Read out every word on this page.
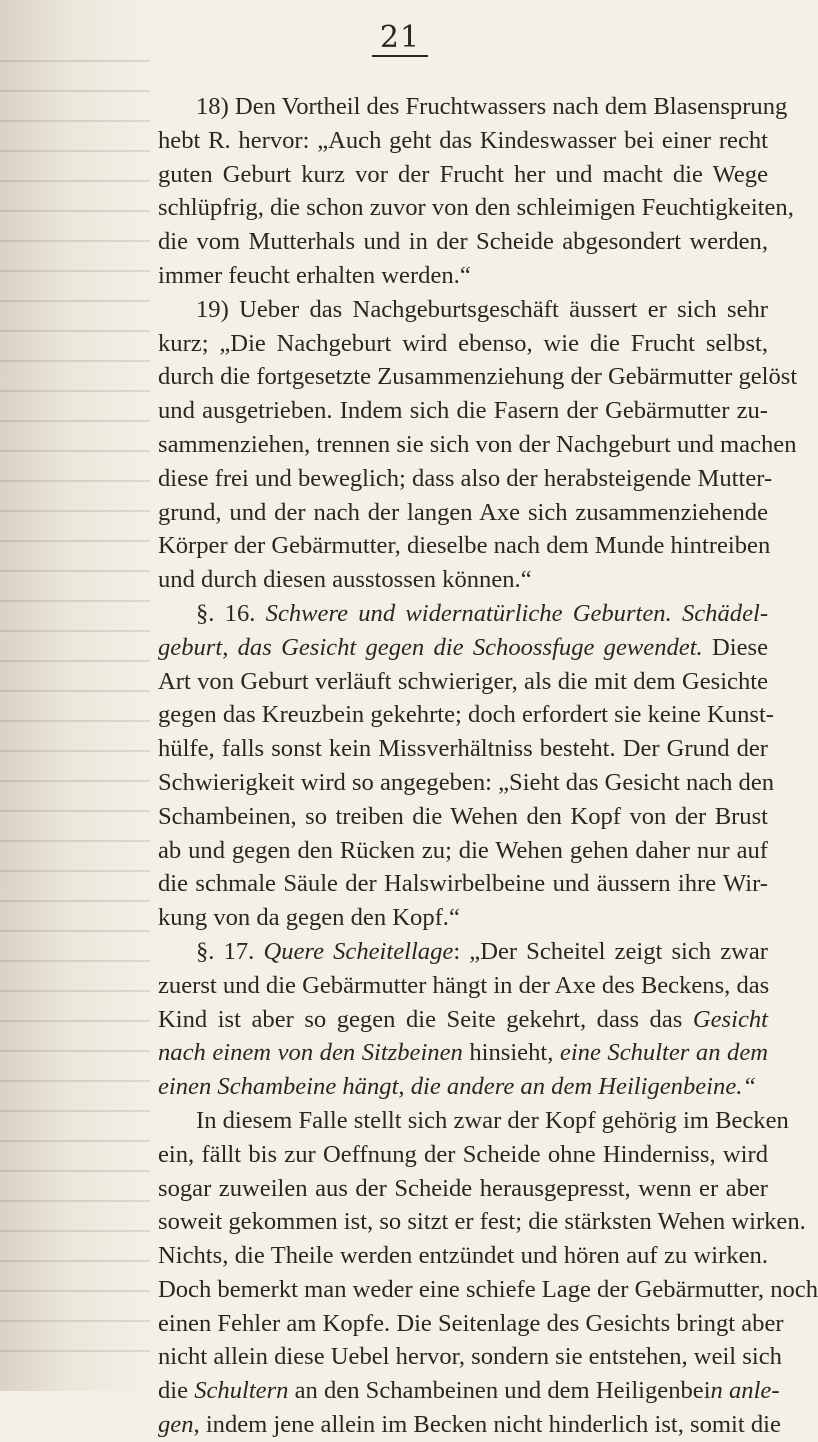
21
18) Den Vortheil des Fruchtwassers nach dem Blasensprung
hebt R. hervor: „Auch geht das Kindeswasser bei einer recht
guten Geburt kurz vor der Frucht her und macht die Wege
schlüpfrig, die schon zuvor von den schleimigen Feuchtigkeiten,
die vom Mutterhals und in der Scheide abgesondert werden,
immer feucht erhalten werden.“
19) Ueber das Nachgeburtsgeschäft äussert er sich sehr
kurz; „Die Nachgeburt wird ebenso, wie die Frucht selbst,
durch die fortgesetzte Zusammenziehung der Gebärmutter gelöst
und ausgetrieben. Indem sich die Fasern der Gebärmutter zu-
sammenziehen, trennen sie sich von der Nachgeburt und machen
diese frei und beweglich; dass also der herabsteigende Mutter-
grund, und der nach der langen Axe sich zusammenziehende
Körper der Gebärmutter, dieselbe nach dem Munde hintreiben
und durch diesen ausstossen können.“
§. 16. Schwere und widernatürliche Geburten. Schädel-
geburt, das Gesicht gegen die Schoossfuge gewendet. Diese
Art von Geburt verläuft schwieriger, als die mit dem Gesichte
gegen das Kreuzbein gekehrte; doch erfordert sie keine Kunst-
hülfe, falls sonst kein Missverhältniss besteht. Der Grund der
Schwierigkeit wird so angegeben: „Sieht das Gesicht nach den
Schambeinen, so treiben die Wehen den Kopf von der Brust
ab und gegen den Rücken zu; die Wehen gehen daher nur auf
die schmale Säule der Halswirbelbeine und äussern ihre Wir-
kung von da gegen den Kopf.“
§. 17. Quere Scheitellage: „Der Scheitel zeigt sich zwar
zuerst und die Gebärmutter hängt in der Axe des Beckens, das
Kind ist aber so gegen die Seite gekehrt, dass das Gesicht
nach einem von den Sitzbeinen hinsieht, eine Schulter an dem
einen Schambeine hängt, die andere an dem Heiligenbeine.“
In diesem Falle stellt sich zwar der Kopf gehörig im Becken
ein, fällt bis zur Oeffnung der Scheide ohne Hinderniss, wird
sogar zuweilen aus der Scheide herausgepresst, wenn er aber
soweit gekommen ist, so sitzt er fest; die stärksten Wehen wirken.
Nichts, die Theile werden entzündet und hören auf zu wirken.
Doch bemerkt man weder eine schiefe Lage der Gebärmutter, noch
einen Fehler am Kopfe. Die Seitenlage des Gesichts bringt aber
nicht allein diese Uebel hervor, sondern sie entstehen, weil sich
die Schultern an den Schambeinen und dem Heiligenbein anle-
gen, indem jene allein im Becken nicht hinderlich ist, somit die
